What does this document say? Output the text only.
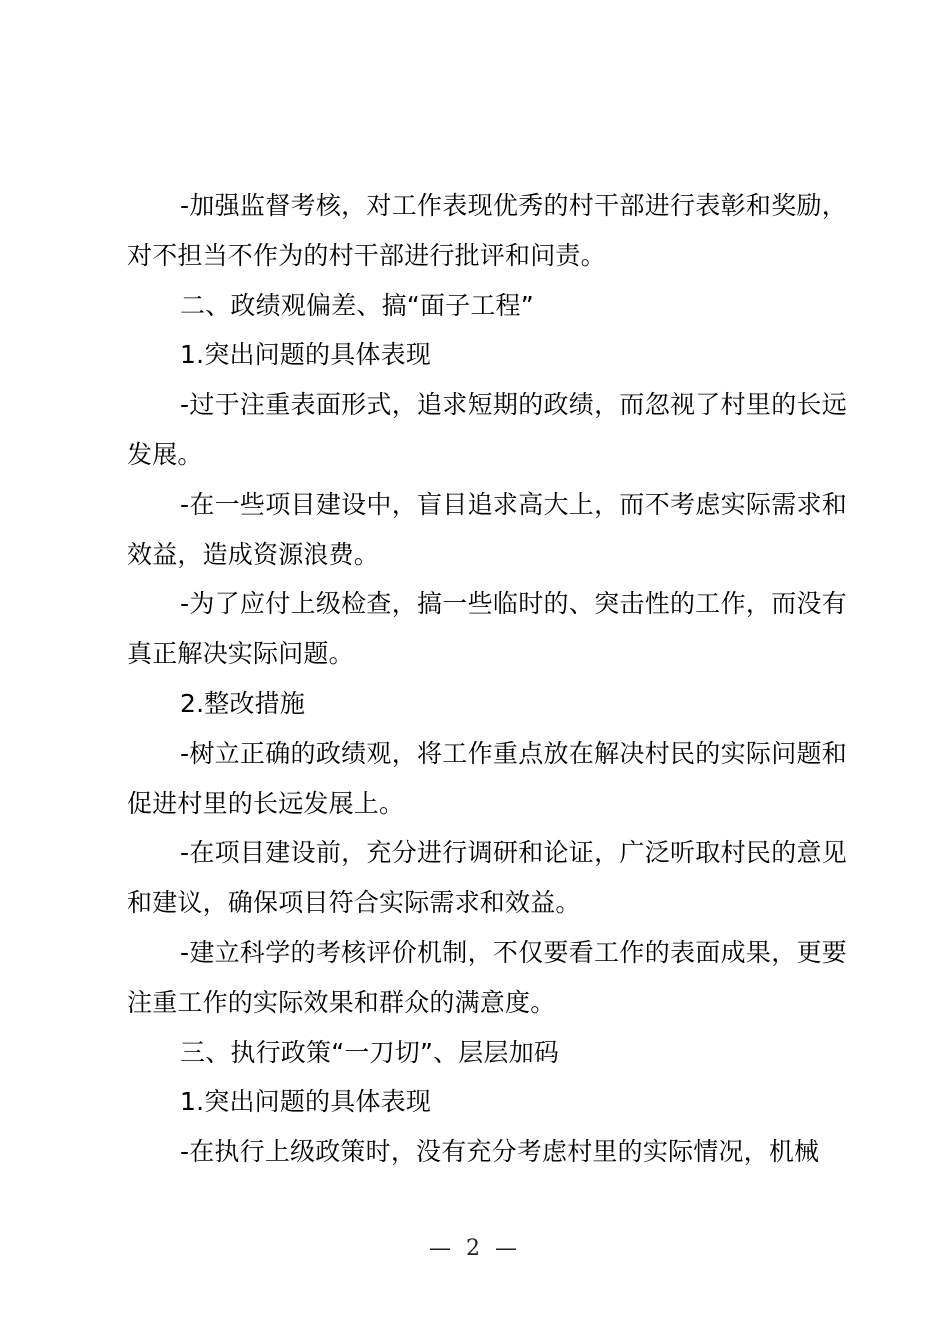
-加强监督考核，对工作表现优秀的村干部进行表彰和奖励，对不担当不作为的村干部进行批评和问责。

二、政绩观偏差、搞“面子工程”

1.突出问题的具体表现

-过于注重表面形式，追求短期的政绩，而忽视了村里的长远发展。

-在一些项目建设中，盲目追求高大上，而不考虑实际需求和效益，造成资源浪费。

-为了应付上级检查，搞一些临时的、突击性的工作，而没有真正解决实际问题。

2.整改措施

-树立正确的政绩观，将工作重点放在解决村民的实际问题和促进村里的长远发展上。

-在项目建设前，充分进行调研和论证，广泛听取村民的意见和建议，确保项目符合实际需求和效益。

-建立科学的考核评价机制，不仅要看工作的表面成果，更要注重工作的实际效果和群众的满意度。

三、执行政策“一刀切”、层层加码

1.突出问题的具体表现

-在执行上级政策时，没有充分考虑村里的实际情况，机械

— 2 —
